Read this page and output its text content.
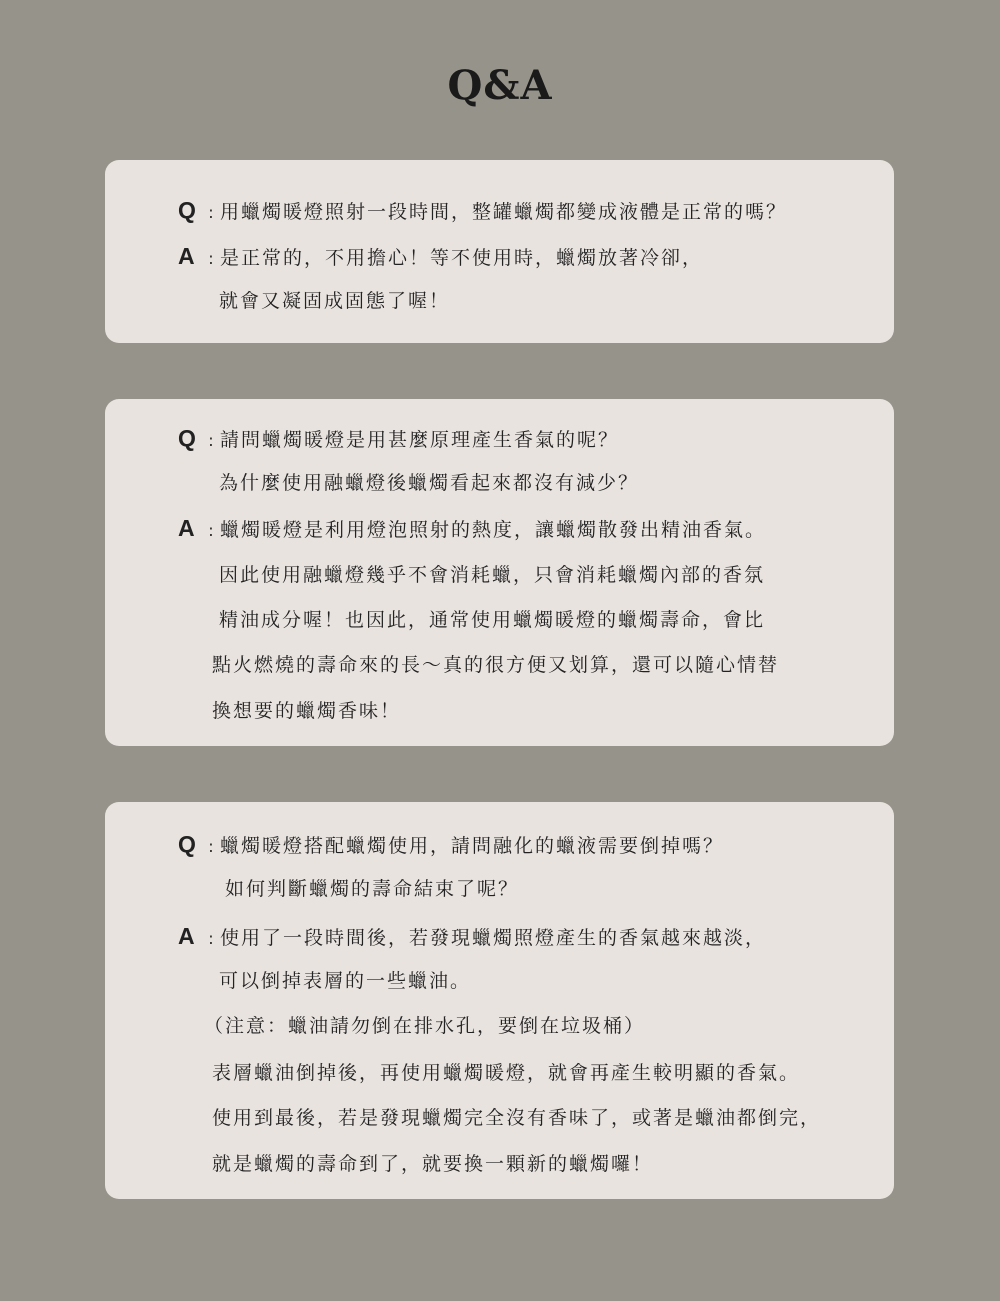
Q&A
Q : 用蠟燭暖燈照射一段時間，整罐蠟燭都變成液體是正常的嗎？
A : 是正常的，不用擔心！等不使用時，蠟燭放著冷卻，
就會又凝固成固態了喔！
Q : 請問蠟燭暖燈是用甚麼原理產生香氣的呢？
為什麼使用融蠟燈後蠟燭看起來都沒有減少？
A : 蠟燭暖燈是利用燈泡照射的熱度，讓蠟燭散發出精油香氣。
因此使用融蠟燈幾乎不會消耗蠟，只會消耗蠟燭內部的香氛
精油成分喔！也因此，通常使用蠟燭暖燈的蠟燭壽命，會比
點火燃燒的壽命來的長～真的很方便又划算，還可以隨心情替
換想要的蠟燭香味！
Q : 蠟燭暖燈搭配蠟燭使用，請問融化的蠟液需要倒掉嗎？
如何判斷蠟燭的壽命結束了呢？
A : 使用了一段時間後，若發現蠟燭照燈產生的香氣越來越淡，
可以倒掉表層的一些蠟油。
（注意：蠟油請勿倒在排水孔，要倒在垃圾桶）
表層蠟油倒掉後，再使用蠟燭暖燈，就會再產生較明顯的香氣。
使用到最後，若是發現蠟燭完全沒有香味了，或著是蠟油都倒完，
就是蠟燭的壽命到了，就要換一顆新的蠟燭囉！
